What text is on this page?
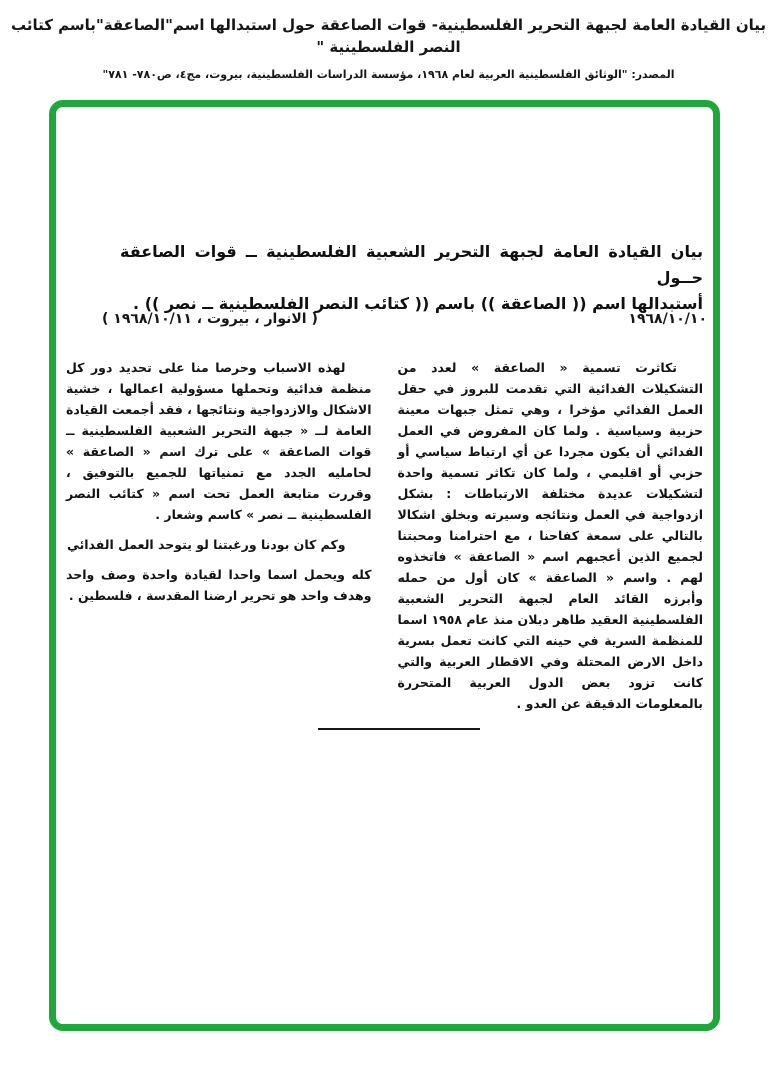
بيان القيادة العامة لجبهة التحرير الفلسطينية- قوات الصاعقة حول استبدالها اسم"الصاعقة"باسم كتائب النصر الفلسطينية "
المصدر: "الوثائق الفلسطينية العربية لعام ١٩٦٨، مؤسسة الدراسات الفلسطينية، بيروت، مج٤، ص٧٨٠- ٧٨١"
بيان القيادة العامة لجبهة التحرير الشعبية الفلسطينية ــ قوات الصاعقة حــول
أستبدالها اسم (( الصاعقة )) باسم (( كتائب النصر الفلسطينية ــ نصر )) .
١٩٦٨/١٠/١٠
( الانوار ، بيروت ، ١٩٦٨/١٠/١١ )

تكاثرت تسمية « الصاعقة » لعدد من التشكيلات الفدائية التي تقدمت للبروز في حقل العمل الفدائي مؤخرا ، وهي تمثل جبهات معينة حزبية وسياسية . ولما كان المفروض في العمل الفدائي أن يكون مجردا عن أي ارتباط سياسي أو حزبي أو اقليمي ، ولما كان تكاثر تسمية واحدة لتشكيلات عديدة مختلفة الارتباطات : بشكل ازدواجية في العمل ونتائجه وسيرته وبخلق اشكالا بالتالي على سمعة كفاحنا ، مع احترامنا ومحبتنا لجميع الذين أعجبهم اسم « الصاعقة » فاتخذوه لهم . واسم « الصاعقة » كان أول من حمله وأبرزه القائد العام لجبهة التحرير الشعبية الفلسطينية العقيد طاهر دبلان منذ عام ١٩٥٨ اسما للمنظمة السرية في حينه التي كانت تعمل بسرية داخل الارض المحتلة وفي الاقطار العربية والتي كانت تزود بعض الدول العربية المتحررة بالمعلومات الدقيقة عن العدو .

لهذه الاسباب وحرصا منا على تحديد دور كل منظمة فدائية وتحملها مسؤولية اعمالها ، خشية الاشكال والازدواجية ونتائجها ، فقد أجمعت القيادة العامة لــ « جبهة التحرير الشعبية الفلسطينية ــ قوات الصاعقة » على ترك اسم « الصاعقة » لحامليه الجدد مع تمنياتها للجميع بالتوفيق ، وقررت متابعة العمل تحت اسم « كتائب النصر الفلسطينية ــ نصر » كاسم وشعار .

وكم كان بودنا ورغبتنا لو يتوحد العمل الفدائي

كله ويحمل اسما واحدا لقيادة واحدة وصف واحد وهدف واحد هو تحرير ارضنا المقدسة ، فلسطين .
